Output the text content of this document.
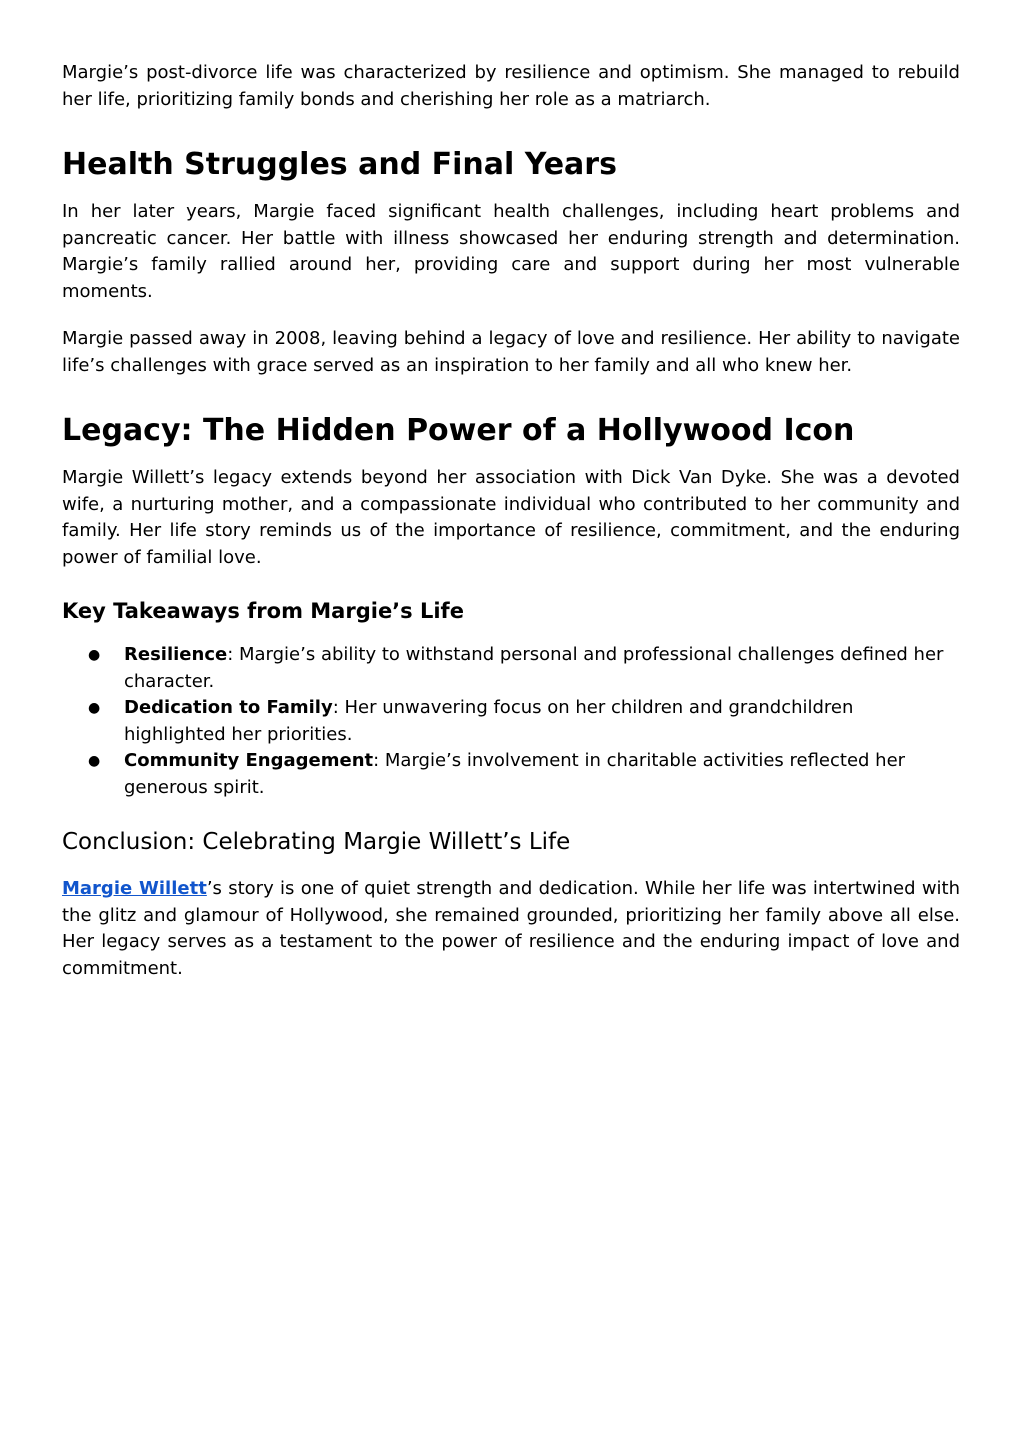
Margie’s post-divorce life was characterized by resilience and optimism. She managed to rebuild her life, prioritizing family bonds and cherishing her role as a matriarch.

Health Struggles and Final Years

In her later years, Margie faced significant health challenges, including heart problems and pancreatic cancer. Her battle with illness showcased her enduring strength and determination. Margie’s family rallied around her, providing care and support during her most vulnerable moments.

Margie passed away in 2008, leaving behind a legacy of love and resilience. Her ability to navigate life’s challenges with grace served as an inspiration to her family and all who knew her.

Legacy: The Hidden Power of a Hollywood Icon

Margie Willett’s legacy extends beyond her association with Dick Van Dyke. She was a devoted wife, a nurturing mother, and a compassionate individual who contributed to her community and family. Her life story reminds us of the importance of resilience, commitment, and the enduring power of familial love.

Key Takeaways from Margie’s Life
● Resilience: Margie’s ability to withstand personal and professional challenges defined her character.
● Dedication to Family: Her unwavering focus on her children and grandchildren highlighted her priorities.
● Community Engagement: Margie’s involvement in charitable activities reflected her generous spirit.
Conclusion: Celebrating Margie Willett’s Life

Margie Willett’s story is one of quiet strength and dedication. While her life was intertwined with the glitz and glamour of Hollywood, she remained grounded, prioritizing her family above all else. Her legacy serves as a testament to the power of resilience and the enduring impact of love and commitment.
